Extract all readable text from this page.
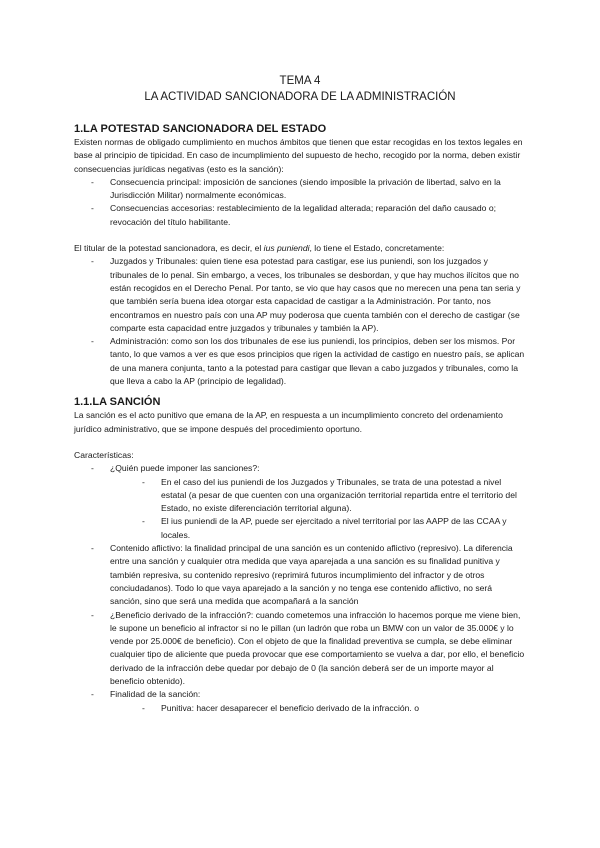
TEMA 4

LA ACTIVIDAD SANCIONADORA DE LA ADMINISTRACIÓN

1.LA POTESTAD SANCIONADORA DEL ESTADO

Existen normas de obligado cumplimiento en muchos ámbitos que tienen que estar recogidas en los textos legales en base al principio de tipicidad. En caso de incumplimiento del supuesto de hecho, recogido por la norma, deben existir consecuencias jurídicas negativas (esto es la sanción):

- Consecuencia principal: imposición de sanciones (siendo imposible la privación de libertad, salvo en la Jurisdicción Militar) normalmente económicas.
- Consecuencias accesorias: restablecimiento de la legalidad alterada; reparación del daño causado o; revocación del título habilitante.

El titular de la potestad sancionadora, es decir, el ius puniendi, lo tiene el Estado, concretamente:

- Juzgados y Tribunales: quien tiene esa potestad para castigar, ese ius puniendi, son los juzgados y tribunales de lo penal. Sin embargo, a veces, los tribunales se desbordan, y que hay muchos ilícitos que no están recogidos en el Derecho Penal. Por tanto, se vio que hay casos que no merecen una pena tan seria y que también sería buena idea otorgar esta capacidad de castigar a la Administración. Por tanto, nos encontramos en nuestro país con una AP muy poderosa que cuenta también con el derecho de castigar (se comparte esta capacidad entre juzgados y tribunales y también la AP).
- Administración: como son los dos tribunales de ese ius puniendi, los principios, deben ser los mismos. Por tanto, lo que vamos a ver es que esos principios que rigen la actividad de castigo en nuestro país, se aplican de una manera conjunta, tanto a la potestad para castigar que llevan a cabo juzgados y tribunales, como la que lleva a cabo la AP (principio de legalidad).

1.1.LA SANCIÓN

La sanción es el acto punitivo que emana de la AP, en respuesta a un incumplimiento concreto del ordenamiento jurídico administrativo, que se impone después del procedimiento oportuno.

Características:

- ¿Quién puede imponer las sanciones?:
- En el caso del ius puniendi de los Juzgados y Tribunales, se trata de una potestad a nivel estatal (a pesar de que cuenten con una organización territorial repartida entre el territorio del Estado, no existe diferenciación territorial alguna).
- El ius puniendi de la AP, puede ser ejercitado a nivel territorial por las AAPP de las CCAA y locales.
- Contenido aflictivo: la finalidad principal de una sanción es un contenido aflictivo (represivo). La diferencia entre una sanción y cualquier otra medida que vaya aparejada a una sanción es su finalidad punitiva y también represiva, su contenido represivo (reprimirá futuros incumplimiento del infractor y de otros conciudadanos). Todo lo que vaya aparejado a la sanción y no tenga ese contenido aflictivo, no será sanción, sino que será una medida que acompañará a la sanción
- ¿Beneficio derivado de la infracción?: cuando cometemos una infracción lo hacemos porque me viene bien, le supone un beneficio al infractor si no le pillan (un ladrón que roba un BMW con un valor de 35.000€ y lo vende por 25.000€ de beneficio). Con el objeto de que la finalidad preventiva se cumpla, se debe eliminar cualquier tipo de aliciente que pueda provocar que ese comportamiento se vuelva a dar, por ello, el beneficio derivado de la infracción debe quedar por debajo de 0 (la sanción deberá ser de un importe mayor al beneficio obtenido).
- Finalidad de la sanción:
- Punitiva: hacer desaparecer el beneficio derivado de la infracción. o
